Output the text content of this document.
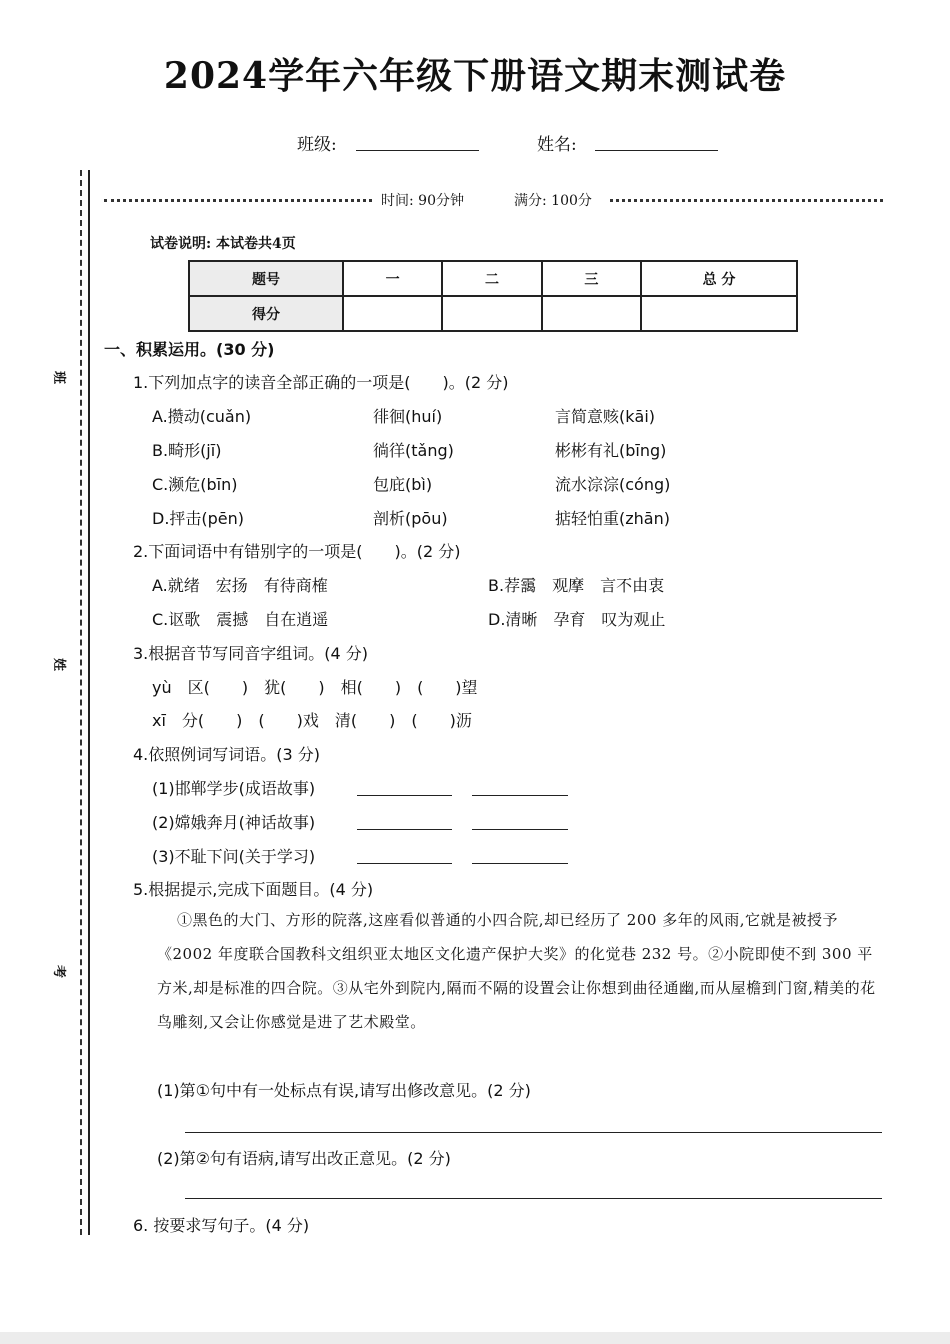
2024学年六年级下册语文期末测试卷
班级:	姓名:
班
姓
考
时间: 90分钟	满分: 100分
试卷说明: 本试卷共4页
题号	一	二	三	总 分
得分				
一、积累运用。(30 分)
1.下列加点字的读音全部正确的一项是(　　)。(2 分)
A.攒动(cuǎn)	徘徊(huí)	言简意赅(kāi)
B.畸形(jī)	徜徉(tǎng)	彬彬有礼(bīng)
C.濒危(bīn)	包庇(bì)	流水淙淙(cóng)
D.抨击(pēn)	剖析(pōu)	掂轻怕重(zhān)
2.下面词语中有错别字的一项是(　　)。(2 分)
A.就绪　宏扬　有待商榷	B.荐靄　观摩　言不由衷
C.讴歌　震撼　自在逍遥	D.清晰　孕育　叹为观止
3.根据音节写同音字组词。(4 分)
yù　区(　　)　犹(　　)　相(　　)　(　　)望
xī　分(　　)　(　　)戏　清(　　)　(　　)沥
4.依照例词写词语。(3 分)
(1)邯郸学步(成语故事)
(2)嫦娥奔月(神话故事)
(3)不耻下问(关于学习)
5.根据提示,完成下面题目。(4 分)
①黑色的大门、方形的院落,这座看似普通的小四合院,却已经历了 200 多年的风雨,它就是被授予《2002 年度联合国教科文组织亚太地区文化遗产保护大奖》的化觉巷 232 号。②小院即使不到 300 平方米,却是标准的四合院。③从宅外到院内,隔而不隔的设置会让你想到曲径通幽,而从屋檐到门窗,精美的花鸟雕刻,又会让你感觉是进了艺术殿堂。
(1)第①句中有一处标点有误,请写出修改意见。(2 分)
(2)第②句有语病,请写出改正意见。(2 分)
6. 按要求写句子。(4 分)
